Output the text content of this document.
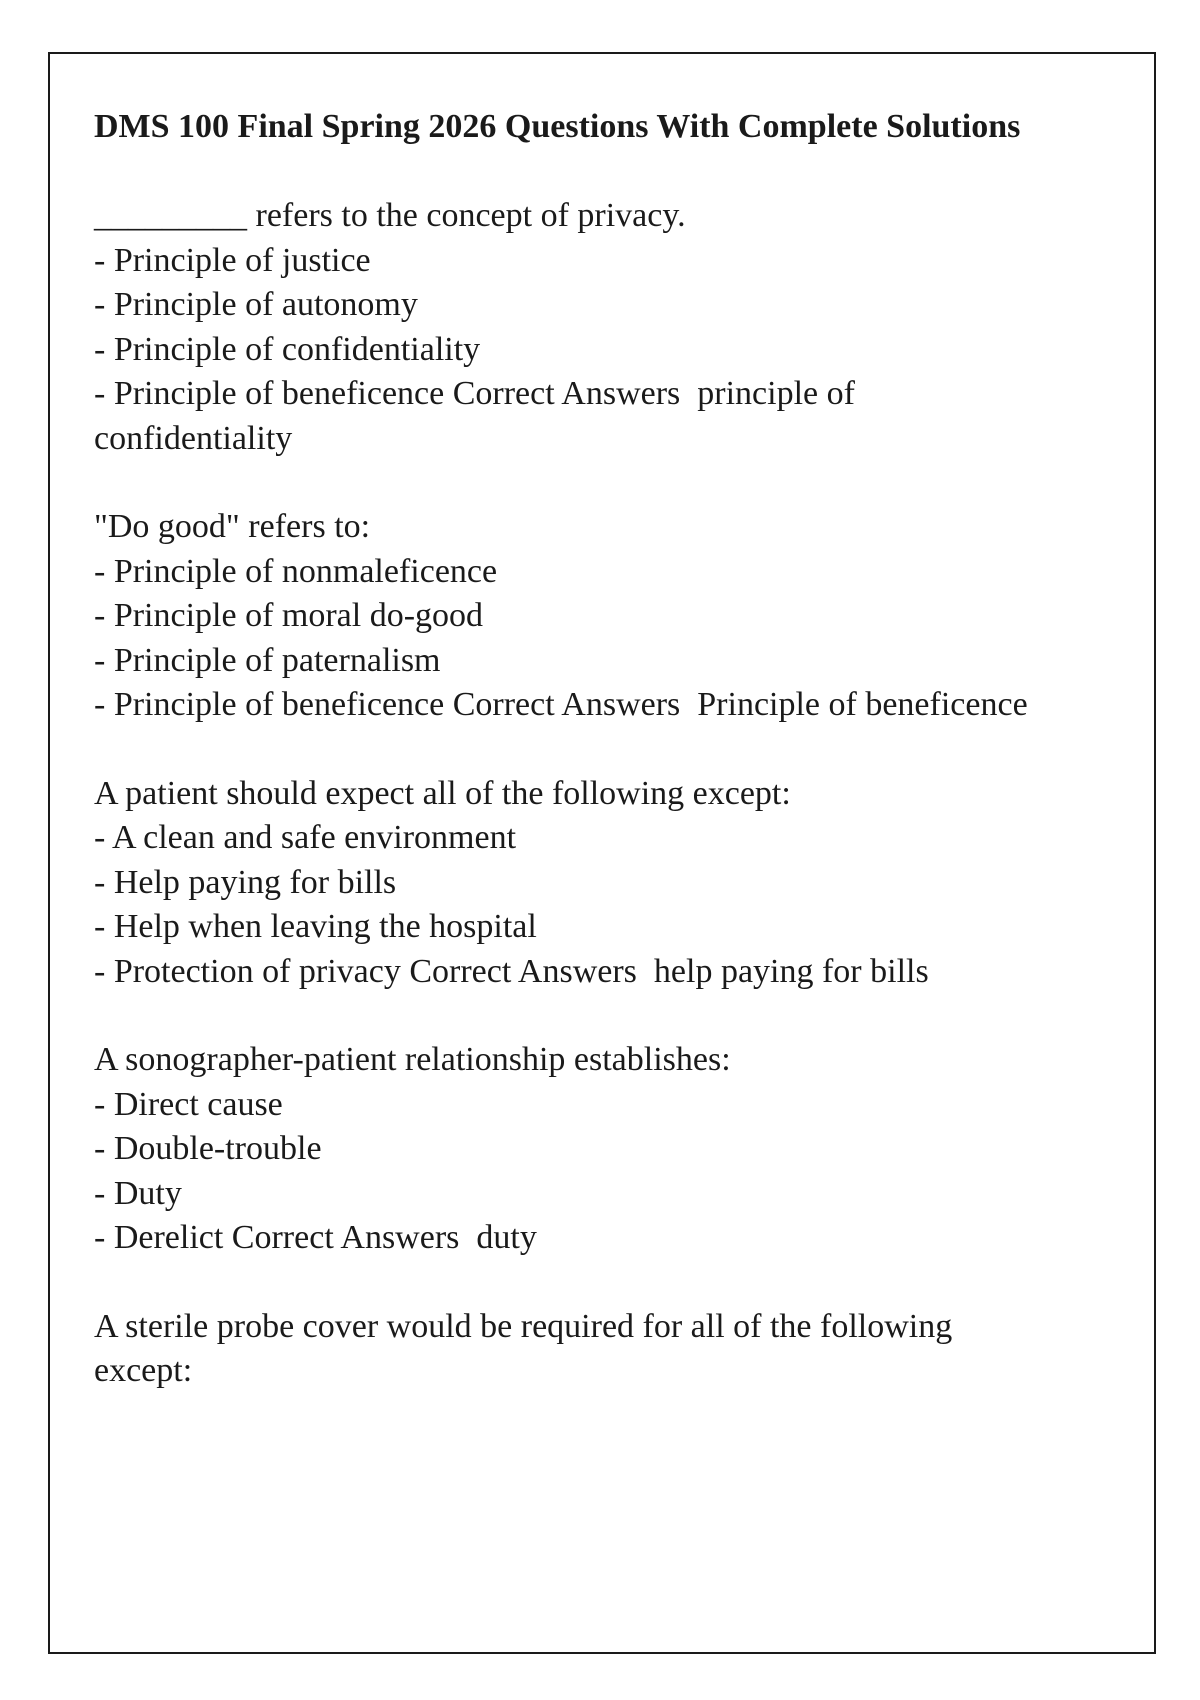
DMS 100 Final Spring 2026 Questions With Complete Solutions

_________ refers to the concept of privacy.

- Principle of justice

- Principle of autonomy

- Principle of confidentiality

- Principle of beneficence Correct Answers  principle of confidentiality

"Do good" refers to:

- Principle of nonmaleficence

- Principle of moral do-good

- Principle of paternalism

- Principle of beneficence Correct Answers  Principle of beneficence

A patient should expect all of the following except:

- A clean and safe environment

- Help paying for bills

- Help when leaving the hospital

- Protection of privacy Correct Answers  help paying for bills

A sonographer-patient relationship establishes:

- Direct cause

- Double-trouble

- Duty

- Derelict Correct Answers  duty

A sterile probe cover would be required for all of the following except:
